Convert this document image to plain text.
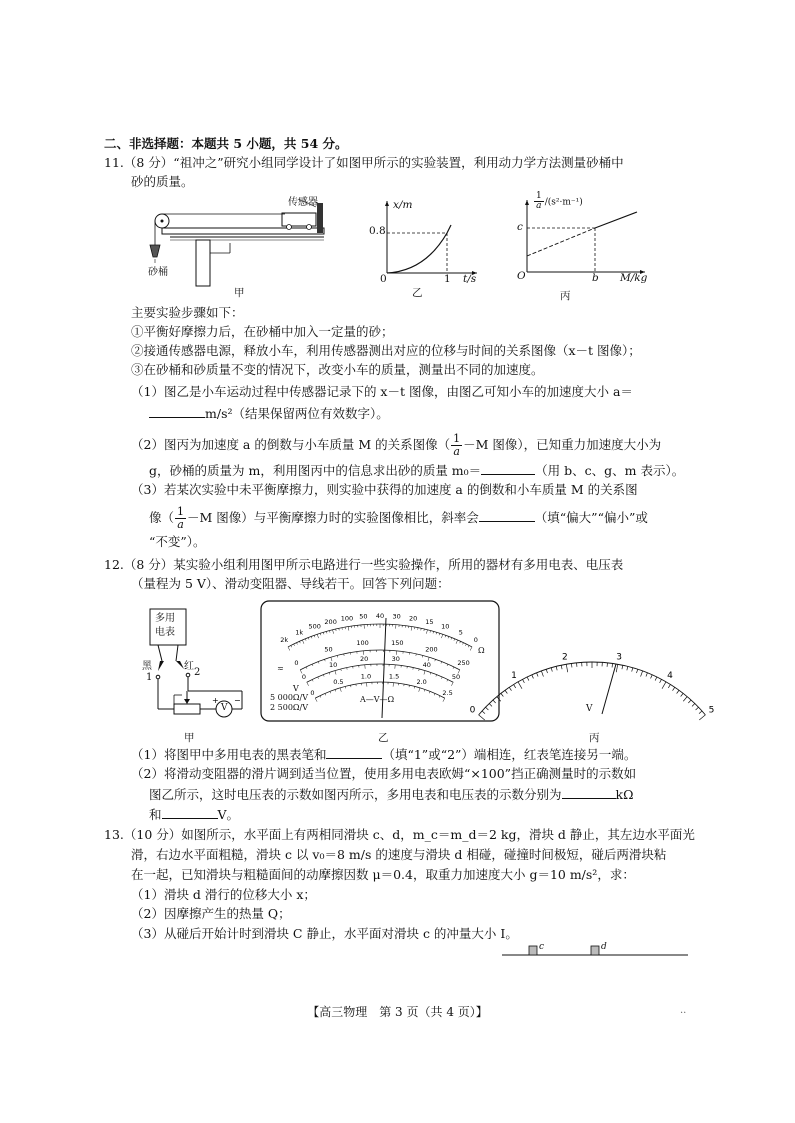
二、非选择题：本题共 5 小题，共 54 分。
11.（8 分）“祖冲之”研究小组同学设计了如图甲所示的实验装置，利用动力学方法测量砂桶中
砂的质量。
传感器
砂桶
甲
x/m
0.8
0	1 t/s
乙
$\frac{1}{a} /(s^2\cdot m^{-1})$
c
O	b M/kg
丙
主要实验步骤如下：
①平衡好摩擦力后，在砂桶中加入一定量的砂；
②接通传感器电源，释放小车，利用传感器测出对应的位移与时间的关系图像（x－t 图像）；
③在砂桶和砂质量不变的情况下，改变小车的质量，测量出不同的加速度。
（1）图乙是小车运动过程中传感器记录下的 x－t 图像，由图乙可知小车的加速度大小 a＝
m/s²（结果保留两位有效数字）。
（2）图丙为加速度 a 的倒数与小车质量 M 的关系图像（ $\frac{1}{a} -M$ 图像），已知重力加速度大小为
g，砂桶的质量为 m，利用图丙中的信息求出砂的质量 m₀＝	（用 b、c、g、m 表示）。
（3）若某次实验中未平衡摩擦力，则实验中获得的加速度 a 的倒数和小车质量 M 的关系图
像（ $\frac{1}{a} -M$ 图像）与平衡摩擦力时的实验图像相比，斜率会	（填“偏大”“偏小”或
“不变”）。
12.（8 分）某实验小组利用图甲所示电路进行一些实验操作，所用的器材有多用电表、电压表
（量程为 5 V）、滑动变阻器、导线若干。回答下列问题：
+ −
多用
电表
黑	红
1	2
V
甲
2k
1k
500
200 100 50 40 30 20 15
10
5
0
0
50
100	150
200
250
0
10
20	30
40
50
0
0.5
1.0	1.5
2.0
2.5
5 000Ω/V
2 500Ω/V
A—V—Ω
≂
V
Ω
乙
0
1
2	3
4
5
V
丙
（1）将图甲中多用电表的黑表笔和	（填“1”或“2”）端相连，红表笔连接另一端。
（2）将滑动变阻器的滑片调到适当位置，使用多用电表欧姆“×100”挡正确测量时的示数如
图乙所示，这时电压表的示数如图丙所示，多用电表和电压表的示数分别为	kΩ
和	V。
13.（10 分）如图所示，水平面上有两相同滑块 c、d，m_c＝m_d＝2 kg，滑块 d 静止，其左边水平面光
滑，右边水平面粗糙，滑块 c 以 v₀＝8 m/s 的速度与滑块 d 相碰，碰撞时间极短，碰后两滑块粘
在一起，已知滑块与粗糙面间的动摩擦因数 μ＝0.4，取重力加速度大小 g＝10 m/s²，求：
（1）滑块 d 滑行的位移大小 x；
（2）因摩擦产生的热量 Q；
（3）从碰后开始计时到滑块 C 静止，水平面对滑块 c 的冲量大小 I。
c	d
【高三物理　第 3 页（共 4 页）】	..
